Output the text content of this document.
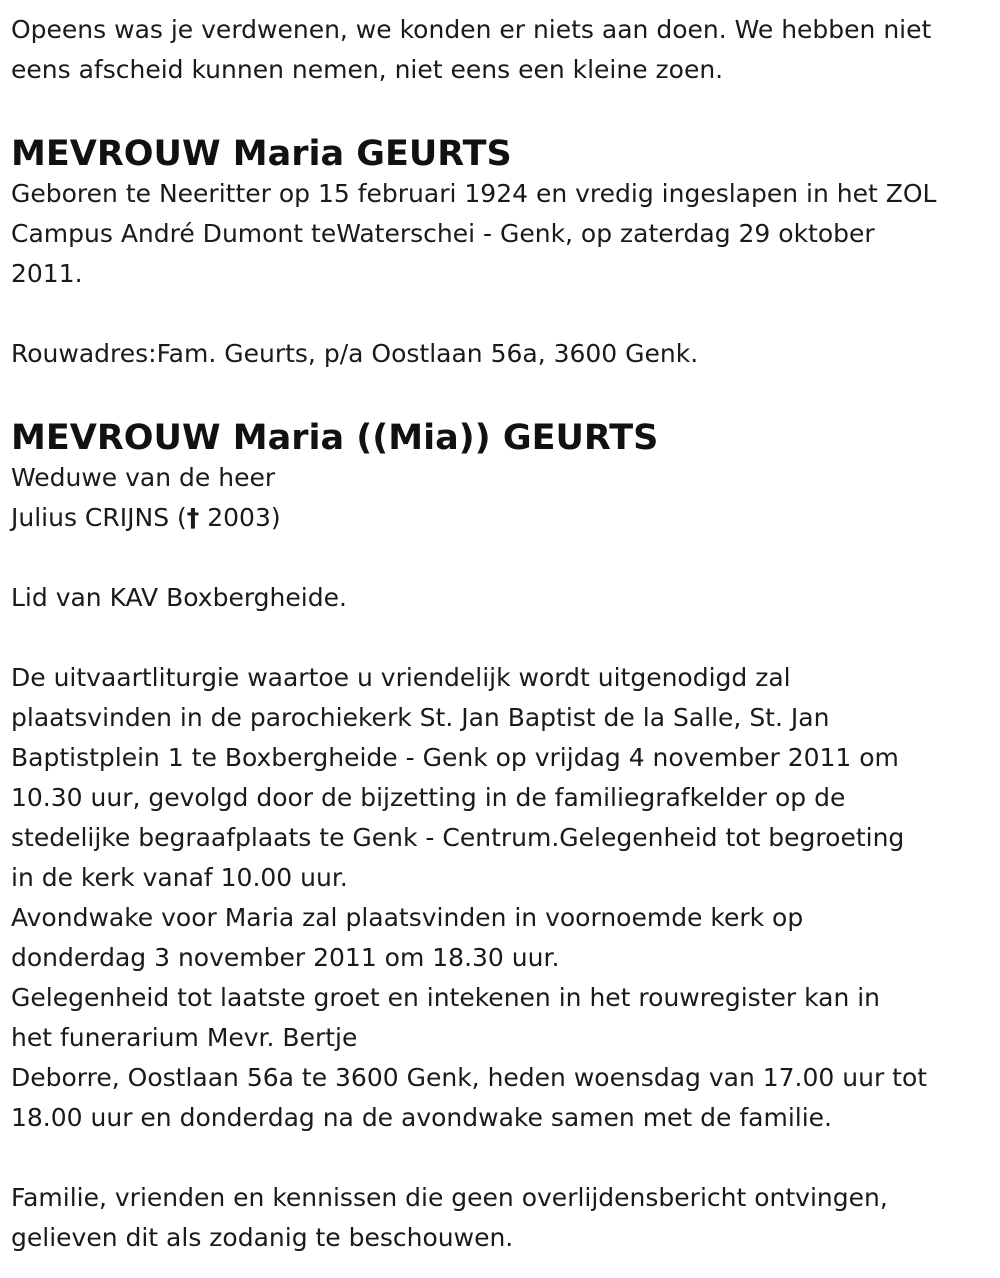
Opeens was je verdwenen, we konden er niets aan doen. We hebben niet

eens afscheid kunnen nemen, niet eens een kleine zoen.

MEVROUW Maria GEURTS

Geboren te Neeritter op 15 februari 1924 en vredig ingeslapen in het ZOL

Campus André Dumont teWaterschei - Genk, op zaterdag 29 oktober

2011.

Rouwadres:Fam. Geurts, p/a Oostlaan 56a, 3600 Genk.

MEVROUW Maria ((Mia)) GEURTS

Weduwe van de heer

Julius CRIJNS († 2003)

Lid van KAV Boxbergheide.

De uitvaartliturgie waartoe u vriendelijk wordt uitgenodigd zal

plaatsvinden in de parochiekerk St. Jan Baptist de la Salle, St. Jan

Baptistplein 1 te Boxbergheide - Genk op vrijdag 4 november 2011 om

10.30 uur, gevolgd door de bijzetting in de familiegrafkelder op de

stedelijke begraafplaats te Genk - Centrum.Gelegenheid tot begroeting

in de kerk vanaf 10.00 uur.

Avondwake voor Maria zal plaatsvinden in voornoemde kerk op

donderdag 3 november 2011 om 18.30 uur.

Gelegenheid tot laatste groet en intekenen in het rouwregister kan in

het funerarium Mevr. Bertje

Deborre, Oostlaan 56a te 3600 Genk, heden woensdag van 17.00 uur tot

18.00 uur en donderdag na de avondwake samen met de familie.

Familie, vrienden en kennissen die geen overlijdensbericht ontvingen,

gelieven dit als zodanig te beschouwen.
